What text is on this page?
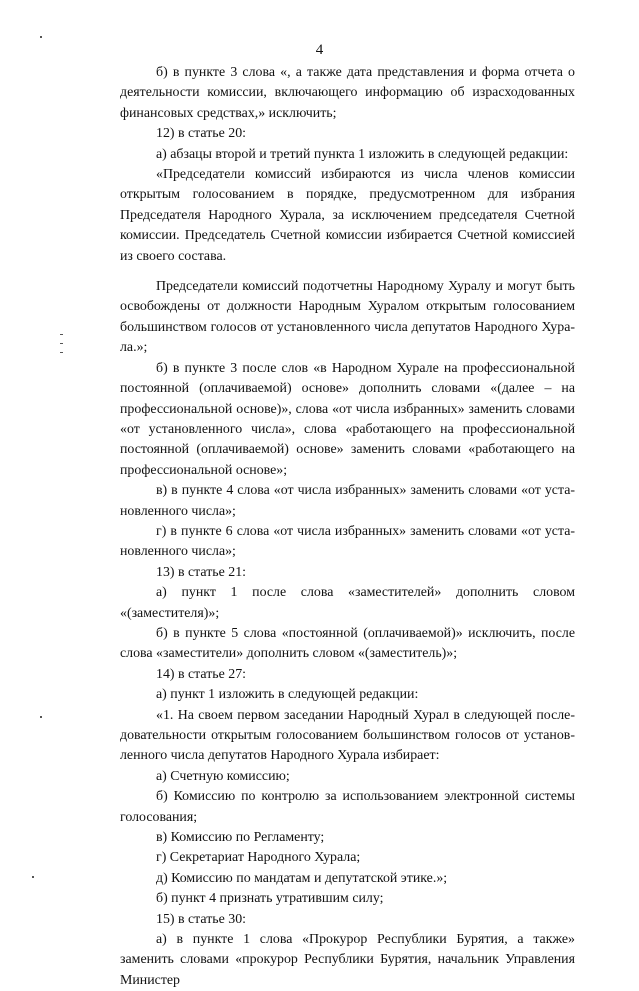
4

б) в пункте 3 слова «, а также дата представления и форма отчета о деятельности комиссии, включающего информацию об израсходованных финансовых средствах,» исключить;

12) в статье 20:

а) абзацы второй и третий пункта 1 изложить в следующей редакции:

«Председатели комиссий избираются из числа членов комиссии открытым голосованием в порядке, предусмотренном для избрания Председателя Народного Хурала, за исключением председателя Счетной комиссии. Председатель Счетной комиссии избирается Счетной комиссией из своего состава.

Председатели комиссий подотчетны Народному Хуралу и могут быть освобождены от должности Народным Хуралом открытым голосованием большинством голосов от установленного числа депутатов Народного Хурала.»;

б) в пункте 3 после слов «в Народном Хурале на профессиональной постоянной (оплачиваемой) основе» дополнить словами «(далее – на профессиональной основе)», слова «от числа избранных» заменить словами «от установленного числа», слова «работающего на профессиональной постоянной (оплачиваемой) основе» заменить словами «работающего на профессиональной основе»;

в) в пункте 4 слова «от числа избранных» заменить словами «от установленного числа»;

г) в пункте 6 слова «от числа избранных» заменить словами «от установленного числа»;

13) в статье 21:

а) пункт 1 после слова «заместителей» дополнить словом «(заместителя)»;

б) в пункте 5 слова «постоянной (оплачиваемой)» исключить, после слова «заместители» дополнить словом «(заместитель)»;

14) в статье 27:

а) пункт 1 изложить в следующей редакции:

«1. На своем первом заседании Народный Хурал в следующей последовательности открытым голосованием большинством голосов от установленного числа депутатов Народного Хурала избирает:

а) Счетную комиссию;

б) Комиссию по контролю за использованием электронной системы голосования;

в) Комиссию по Регламенту;

г) Секретариат Народного Хурала;

д) Комиссию по мандатам и депутатской этике.»;

б) пункт 4 признать утратившим силу;

15) в статье 30:

а) в пункте 1 слова «Прокурор Республики Бурятия, а также» заменить словами «прокурор Республики Бурятия, начальник Управления Министер
